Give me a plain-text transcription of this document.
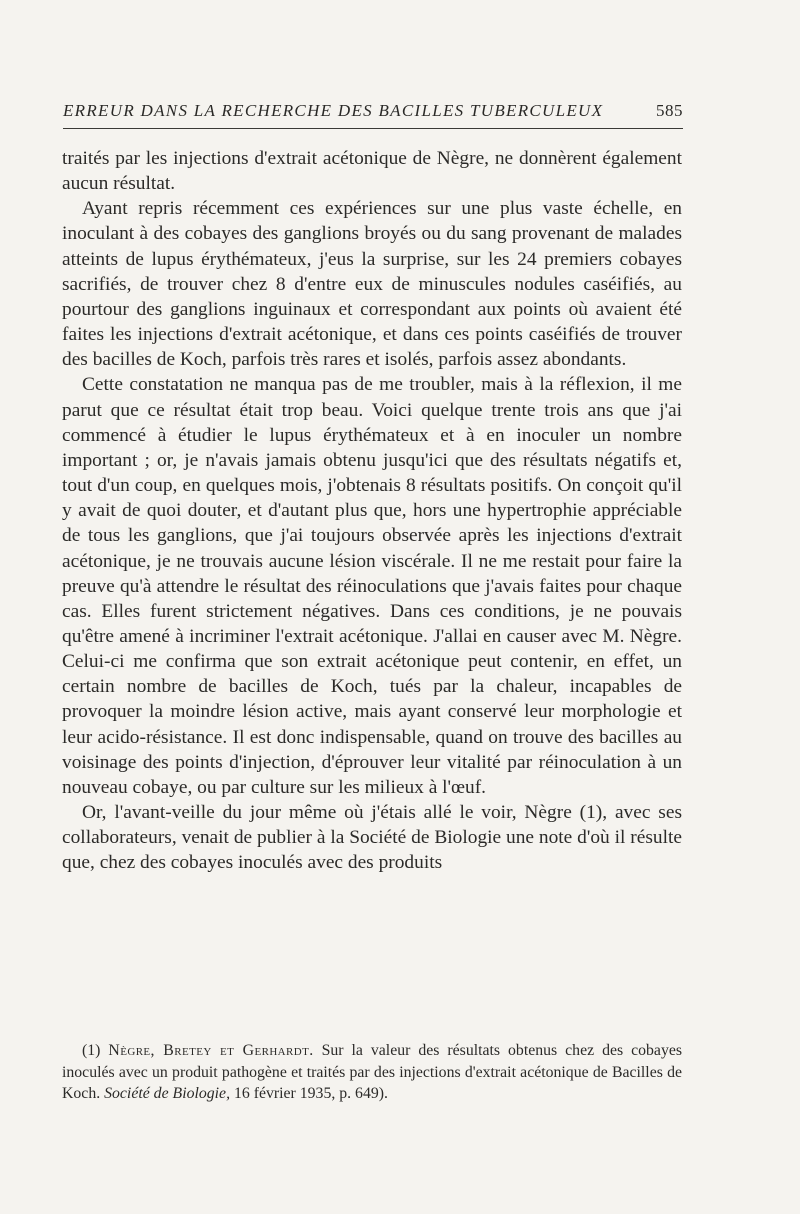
ERREUR DANS LA RECHERCHE DES BACILLES TUBERCULEUX	585

traités par les injections d'extrait acétonique de Nègre, ne donnèrent également aucun résultat.

Ayant repris récemment ces expériences sur une plus vaste échelle, en inoculant à des cobayes des ganglions broyés ou du sang provenant de malades atteints de lupus érythémateux, j'eus la surprise, sur les 24 premiers cobayes sacrifiés, de trouver chez 8 d'entre eux de minuscules nodules caséifiés, au pourtour des ganglions inguinaux et correspondant aux points où avaient été faites les injections d'extrait acétonique, et dans ces points caséifiés de trouver des bacilles de Koch, parfois très rares et isolés, parfois assez abondants.

Cette constatation ne manqua pas de me troubler, mais à la réflexion, il me parut que ce résultat était trop beau. Voici quelque trente trois ans que j'ai commencé à étudier le lupus érythémateux et à en inoculer un nombre important ; or, je n'avais jamais obtenu jusqu'ici que des résultats négatifs et, tout d'un coup, en quelques mois, j'obtenais 8 résultats positifs. On conçoit qu'il y avait de quoi douter, et d'autant plus que, hors une hypertrophie appréciable de tous les ganglions, que j'ai toujours observée après les injections d'extrait acétonique, je ne trouvais aucune lésion viscérale. Il ne me restait pour faire la preuve qu'à attendre le résultat des réinoculations que j'avais faites pour chaque cas. Elles furent strictement négatives. Dans ces conditions, je ne pouvais qu'être amené à incriminer l'extrait acétonique. J'allai en causer avec M. Nègre. Celui-ci me confirma que son extrait acétonique peut contenir, en effet, un certain nombre de bacilles de Koch, tués par la chaleur, incapables de provoquer la moindre lésion active, mais ayant conservé leur morphologie et leur acido-résistance. Il est donc indispensable, quand on trouve des bacilles au voisinage des points d'injection, d'éprouver leur vitalité par réinoculation à un nouveau cobaye, ou par culture sur les milieux à l'œuf.

Or, l'avant-veille du jour même où j'étais allé le voir, Nègre (1), avec ses collaborateurs, venait de publier à la Société de Biologie une note d'où il résulte que, chez des cobayes inoculés avec des produits

(1) Nègre, Bretey et Gerhardt. Sur la valeur des résultats obtenus chez des cobayes inoculés avec un produit pathogène et traités par des injections d'extrait acétonique de Bacilles de Koch. Société de Biologie, 16 février 1935, p. 649).
